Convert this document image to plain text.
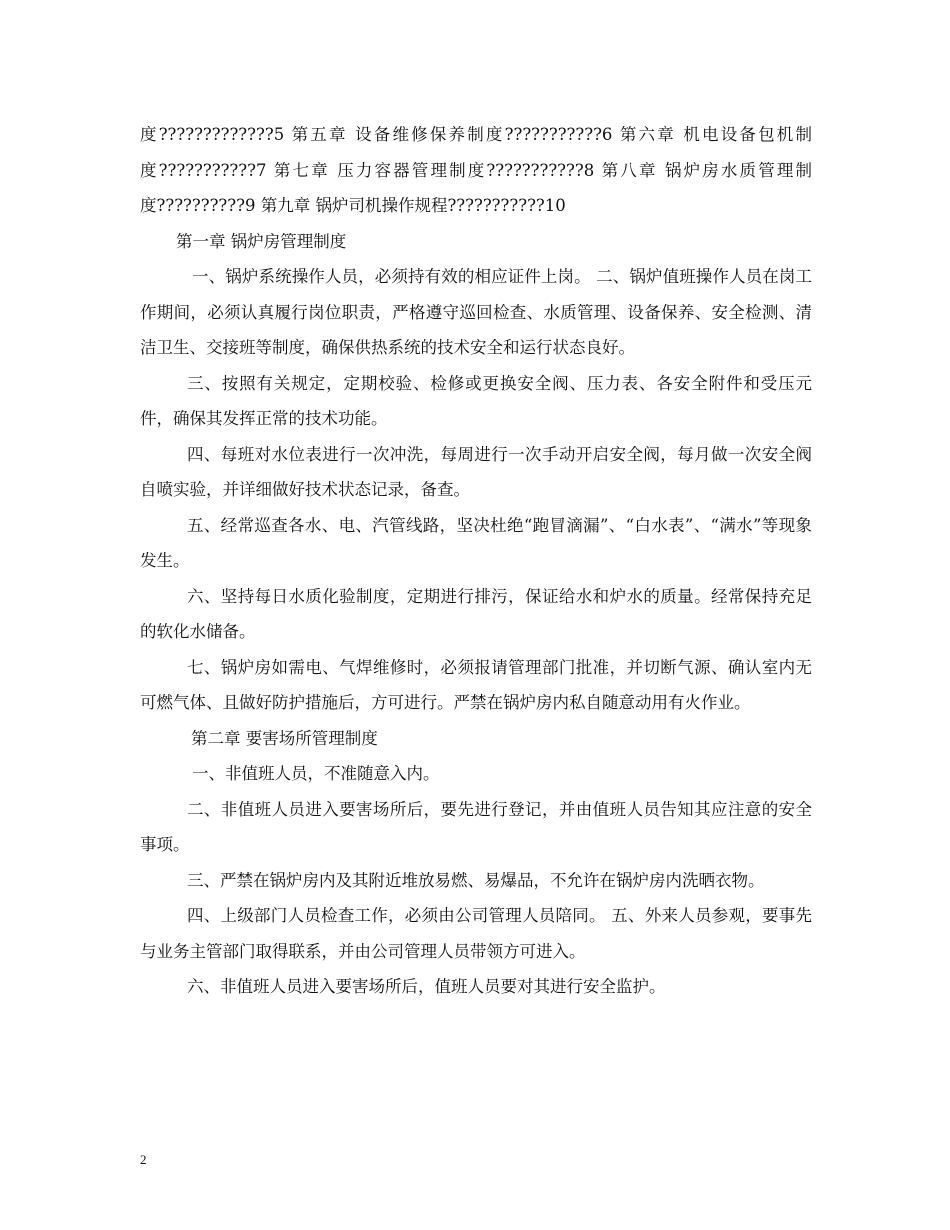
度?????????????5 第五章 设备维修保养制度???????????6 第六章 机电设备包机制度???????????7 第七章 压力容器管理制度???????????8 第八章 锅炉房水质管理制度??????????9 第九章 锅炉司机操作规程???????????10

第一章 锅炉房管理制度

一、锅炉系统操作人员，必须持有效的相应证件上岗。 二、锅炉值班操作人员在岗工作期间，必须认真履行岗位职责，严格遵守巡回检查、水质管理、设备保养、安全检测、清洁卫生、交接班等制度，确保供热系统的技术安全和运行状态良好。

三、按照有关规定，定期校验、检修或更换安全阀、压力表、各安全附件和受压元件，确保其发挥正常的技术功能。

四、每班对水位表进行一次冲洗，每周进行一次手动开启安全阀，每月做一次安全阀自喷实验，并详细做好技术状态记录，备查。

五、经常巡查各水、电、汽管线路，坚决杜绝“跑冒滴漏”、“白水表”、“满水”等现象发生。

六、坚持每日水质化验制度，定期进行排污，保证给水和炉水的质量。经常保持充足的软化水储备。

七、锅炉房如需电、气焊维修时，必须报请管理部门批准，并切断气源、确认室内无可燃气体、且做好防护措施后，方可进行。严禁在锅炉房内私自随意动用有火作业。

第二章 要害场所管理制度

一、非值班人员，不准随意入内。

二、非值班人员进入要害场所后，要先进行登记，并由值班人员告知其应注意的安全事项。

三、严禁在锅炉房内及其附近堆放易燃、易爆品，不允许在锅炉房内洗晒衣物。

四、上级部门人员检查工作，必须由公司管理人员陪同。 五、外来人员参观，要事先与业务主管部门取得联系，并由公司管理人员带领方可进入。

六、非值班人员进入要害场所后，值班人员要对其进行安全监护。

2
